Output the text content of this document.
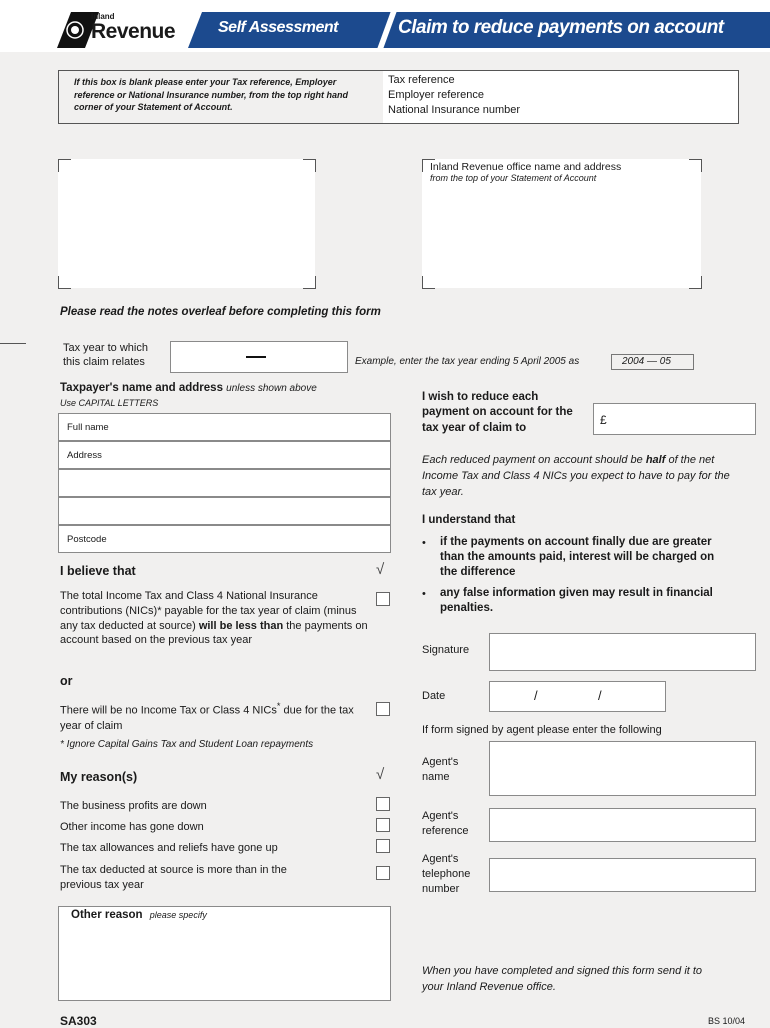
Inland
Revenue	Self Assessment	Claim to reduce payments on account
If this box is blank please enter your Tax reference, Employer reference or National Insurance number, from the top right hand corner of your Statement of Account.
Tax reference
Employer reference
National Insurance number
Inland Revenue office name and address
from the top of your Statement of Account
Please read the notes overleaf before completing this form
Tax year to which
this claim relates	Example, enter the tax year ending 5 April 2005 as	2004 — 05
Taxpayer's name and address unless shown above
Use CAPITAL LETTERS
Full name
Address
Postcode
I believe that	√
The total Income Tax and Class 4 National Insurance contributions (NICs)* payable for the tax year of claim (minus any tax deducted at source) will be less than the payments on account based on the previous tax year
or
There will be no Income Tax or Class 4 NICs* due for the tax year of claim
* Ignore Capital Gains Tax and Student Loan repayments
My reason(s)	√
The business profits are down
Other income has gone down
The tax allowances and reliefs have gone up
The tax deducted at source is more than in the previous tax year
Other reason please specify
I wish to reduce each payment on account for the tax year of claim to
£
Each reduced payment on account should be half of the net Income Tax and Class 4 NICs you expect to have to pay for the tax year.
I understand that
• if the payments on account finally due are greater than the amounts paid, interest will be charged on the difference
• any false information given may result in financial penalties.
Signature
Date	/	/
If form signed by agent please enter the following
Agent's name
Agent's reference
Agent's telephone number
When you have completed and signed this form send it to your Inland Revenue office.
SA303	BS 10/04
